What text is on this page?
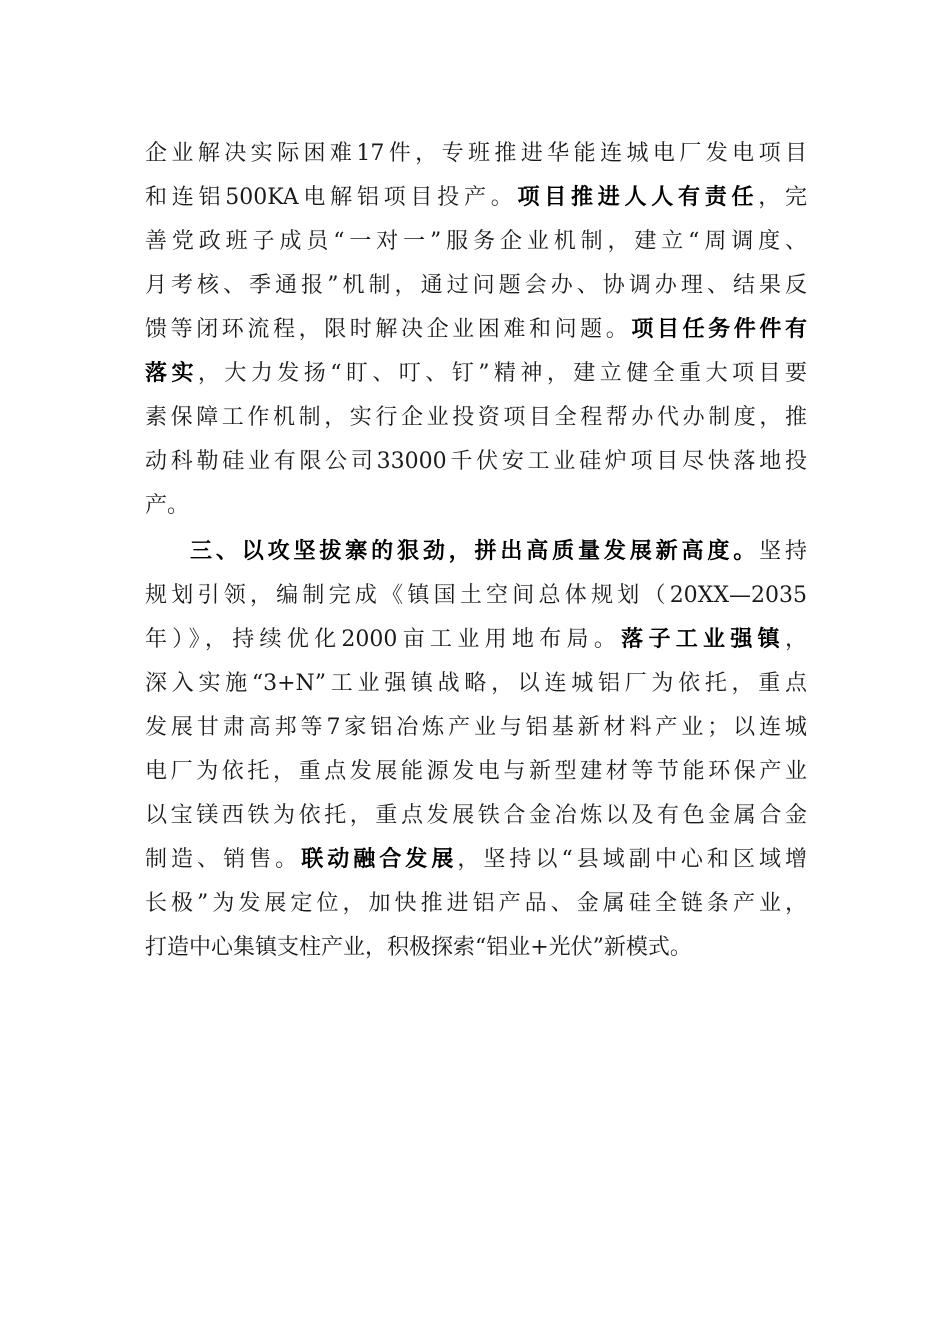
企业解决实际困难17件，专班推进华能连城电厂发电项目
和连铝500KA电解铝项目投产。项目推进人人有责任，完
善党政班子成员“一对一”服务企业机制，建立“周调度、
月考核、季通报”机制，通过问题会办、协调办理、结果反
馈等闭环流程，限时解决企业困难和问题。项目任务件件有
落实，大力发扬“盯、叮、钉”精神，建立健全重大项目要
素保障工作机制，实行企业投资项目全程帮办代办制度，推
动科勒硅业有限公司33000千伏安工业硅炉项目尽快落地投
产。
三、以攻坚拔寨的狠劲，拼出高质量发展新高度。坚持
规划引领，编制完成《镇国土空间总体规划（20XX—2035
年）》，持续优化2000亩工业用地布局。落子工业强镇，
深入实施“3+N”工业强镇战略，以连城铝厂为依托，重点
发展甘肃高邦等7家铝冶炼产业与铝基新材料产业；以连城
电厂为依托，重点发展能源发电与新型建材等节能环保产业
以宝镁西铁为依托，重点发展铁合金冶炼以及有色金属合金
制造、销售。联动融合发展，坚持以“县域副中心和区域增
长极”为发展定位，加快推进铝产品、金属硅全链条产业，
打造中心集镇支柱产业，积极探索“铝业+光伏”新模式。
